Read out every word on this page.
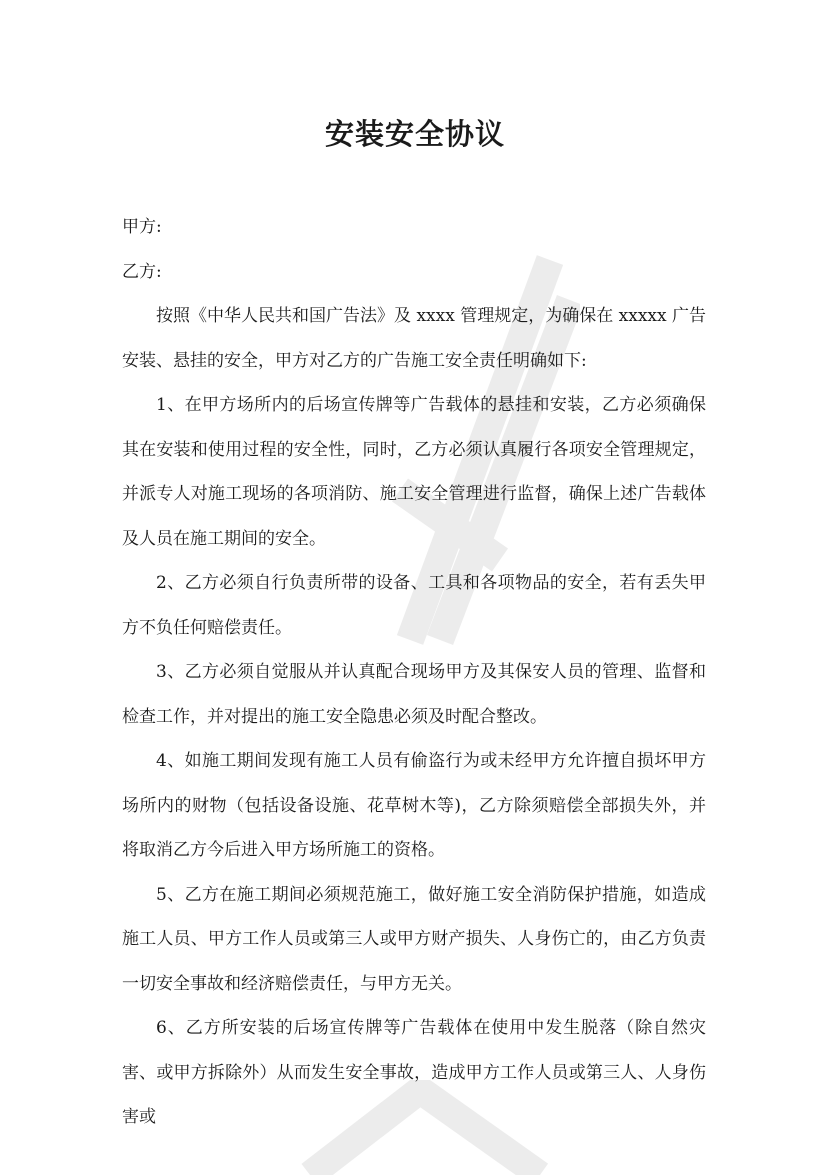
安装安全协议

甲方:

乙方:

按照《中华人民共和国广告法》及 xxxx 管理规定，为确保在 xxxxx 广告安装、悬挂的安全，甲方对乙方的广告施工安全责任明确如下:

1、在甲方场所内的后场宣传牌等广告载体的悬挂和安装，乙方必须确保其在安装和使用过程的安全性，同时，乙方必须认真履行各项安全管理规定，并派专人对施工现场的各项消防、施工安全管理进行监督，确保上述广告载体及人员在施工期间的安全。

2、乙方必须自行负责所带的设备、工具和各项物品的安全，若有丢失甲方不负任何赔偿责任。

3、乙方必须自觉服从并认真配合现场甲方及其保安人员的管理、监督和检查工作，并对提出的施工安全隐患必须及时配合整改。

4、如施工期间发现有施工人员有偷盗行为或未经甲方允许擅自损坏甲方场所内的财物（包括设备设施、花草树木等)，乙方除须赔偿全部损失外，并将取消乙方今后进入甲方场所施工的资格。

5、乙方在施工期间必须规范施工，做好施工安全消防保护措施，如造成施工人员、甲方工作人员或第三人或甲方财产损失、人身伤亡的，由乙方负责一切安全事故和经济赔偿责任，与甲方无关。

6、乙方所安装的后场宣传牌等广告载体在使用中发生脱落（除自然灾害、或甲方拆除外）从而发生安全事故，造成甲方工作人员或第三人、人身伤害或
